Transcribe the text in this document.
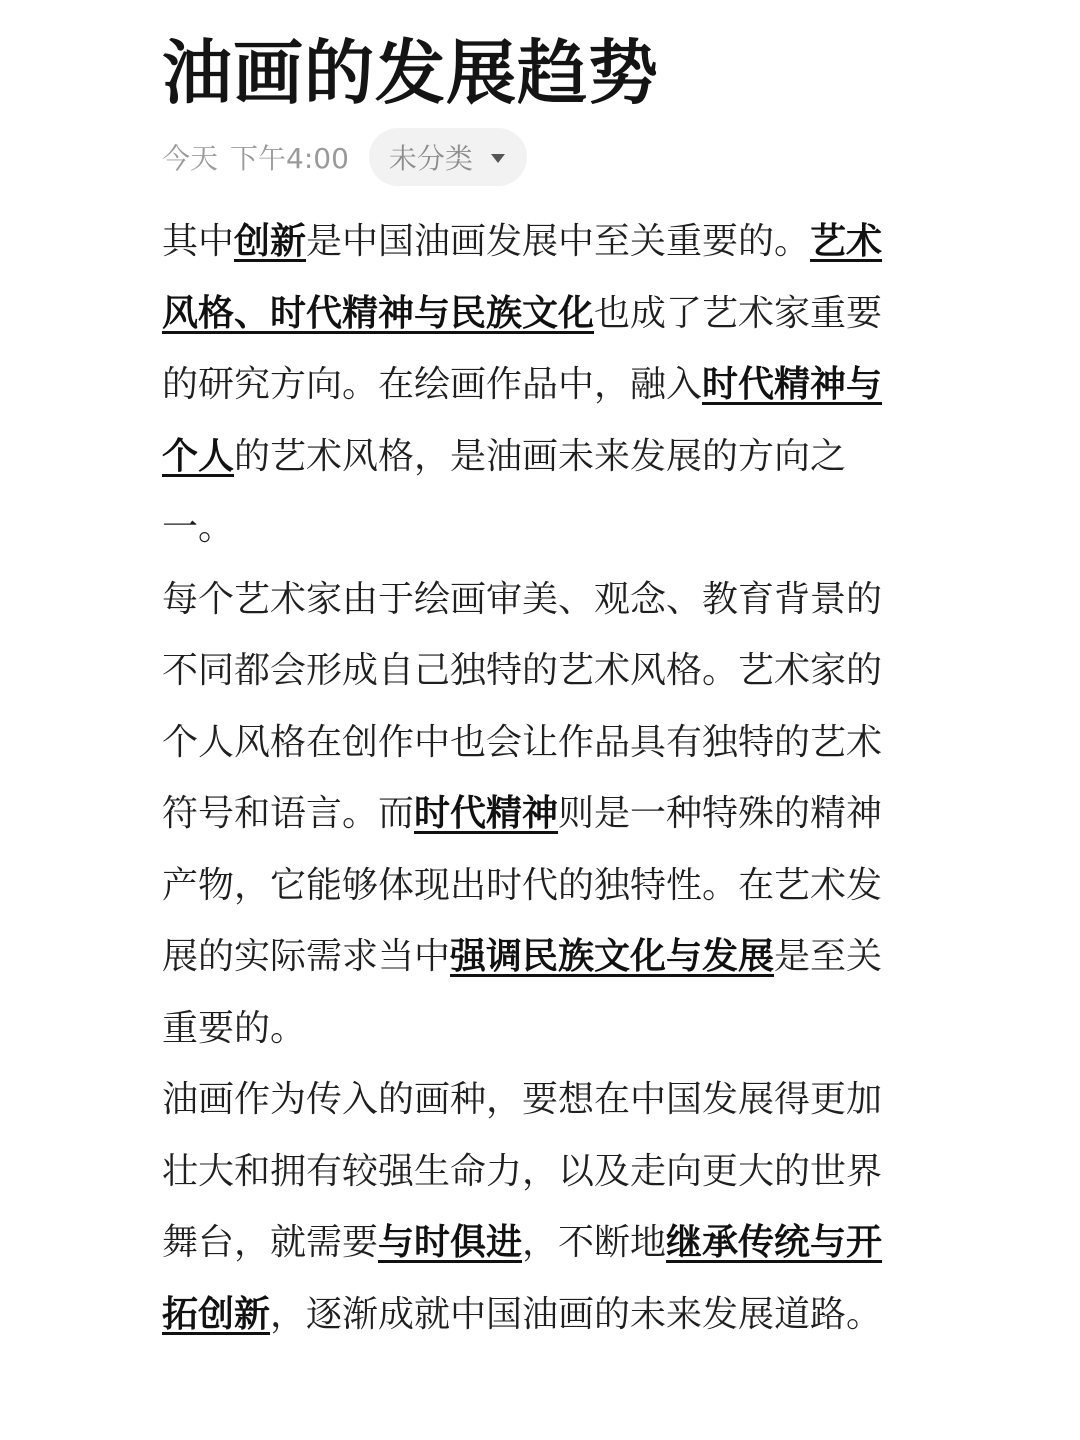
油画的发展趋势
今天 下午4:00 未分类

其中创新是中国油画发展中至关重要的。艺术风格、时代精神与民族文化也成了艺术家重要的研究方向。在绘画作品中，融入时代精神与个人的艺术风格，是油画未来发展的方向之一。

每个艺术家由于绘画审美、观念、教育背景的不同都会形成自己独特的艺术风格。艺术家的个人风格在创作中也会让作品具有独特的艺术符号和语言。而时代精神则是一种特殊的精神产物，它能够体现出时代的独特性。在艺术发展的实际需求当中强调民族文化与发展是至关重要的。

油画作为传入的画种，要想在中国发展得更加壮大和拥有较强生命力，以及走向更大的世界舞台，就需要与时俱进，不断地继承传统与开拓创新，逐渐成就中国油画的未来发展道路。
